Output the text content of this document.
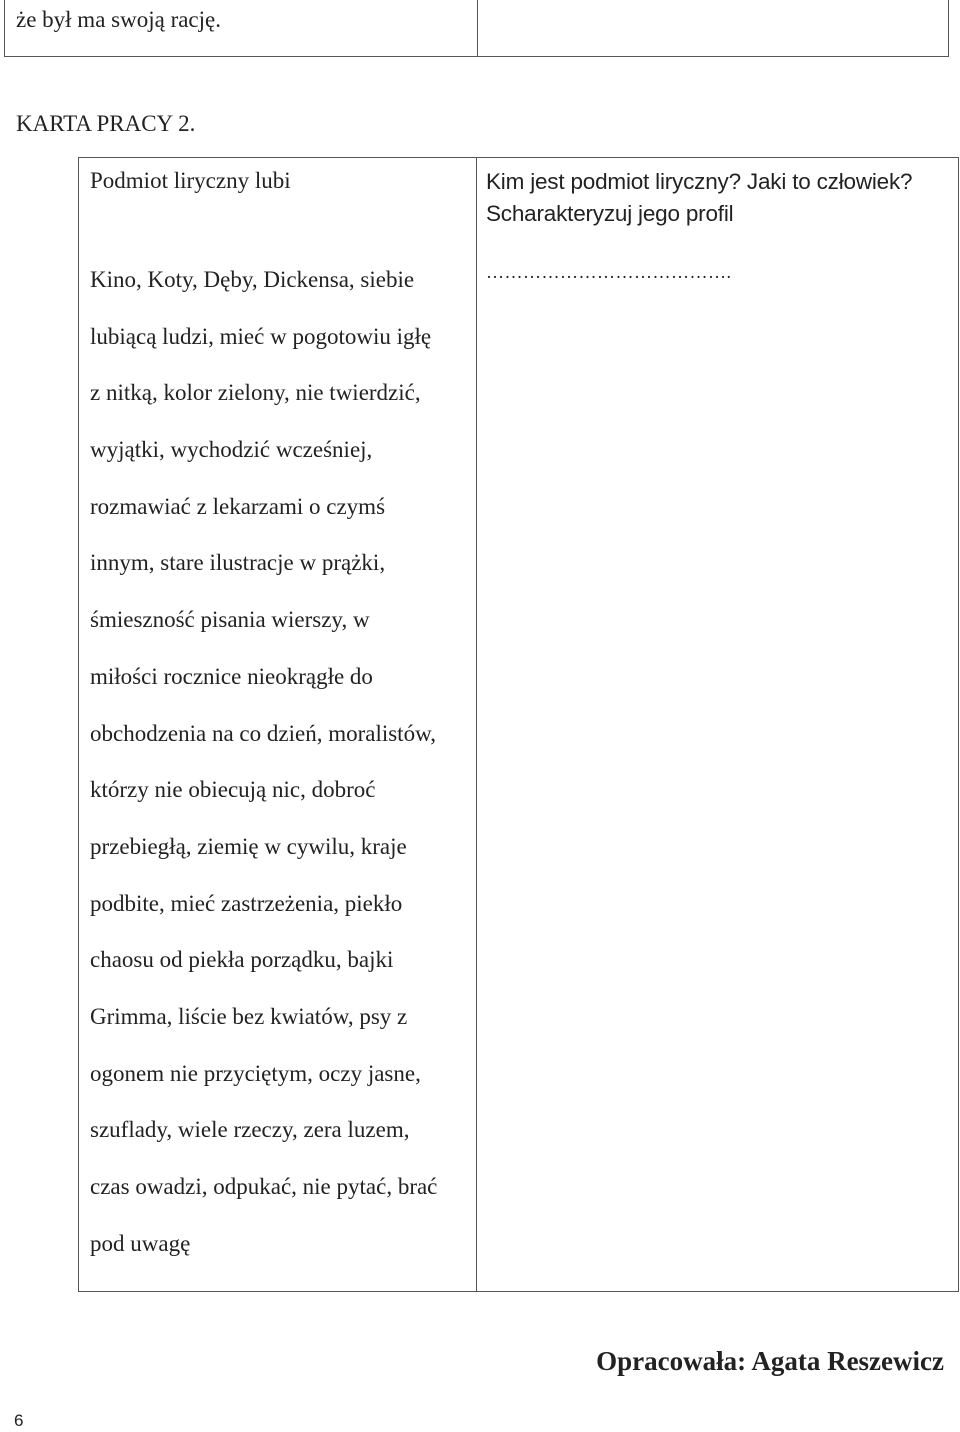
że był ma swoją rację.
KARTA PRACY 2.
Podmiot liryczny lubi
Kino, Koty, Dęby, Dickensa, siebie
lubiącą ludzi, mieć w pogotowiu igłę
z nitką, kolor zielony, nie twierdzić,
wyjątki, wychodzić wcześniej,
rozmawiać z lekarzami o czymś
innym, stare ilustracje w prążki,
śmieszność pisania wierszy, w
miłości rocznice nieokrągłe do
obchodzenia na co dzień, moralistów,
którzy nie obiecują nic, dobroć
przebiegłą, ziemię w cywilu, kraje
podbite, mieć zastrzeżenia, piekło
chaosu od piekła porządku, bajki
Grimma, liście bez kwiatów, psy z
ogonem nie przyciętym, oczy jasne,
szuflady, wiele rzeczy, zera luzem,
czas owadzi, odpukać, nie pytać, brać
pod uwagę
Kim jest podmiot liryczny? Jaki to człowiek?
Scharakteryzuj jego profil
………………………………….
Opracowała: Agata Reszewicz
6
